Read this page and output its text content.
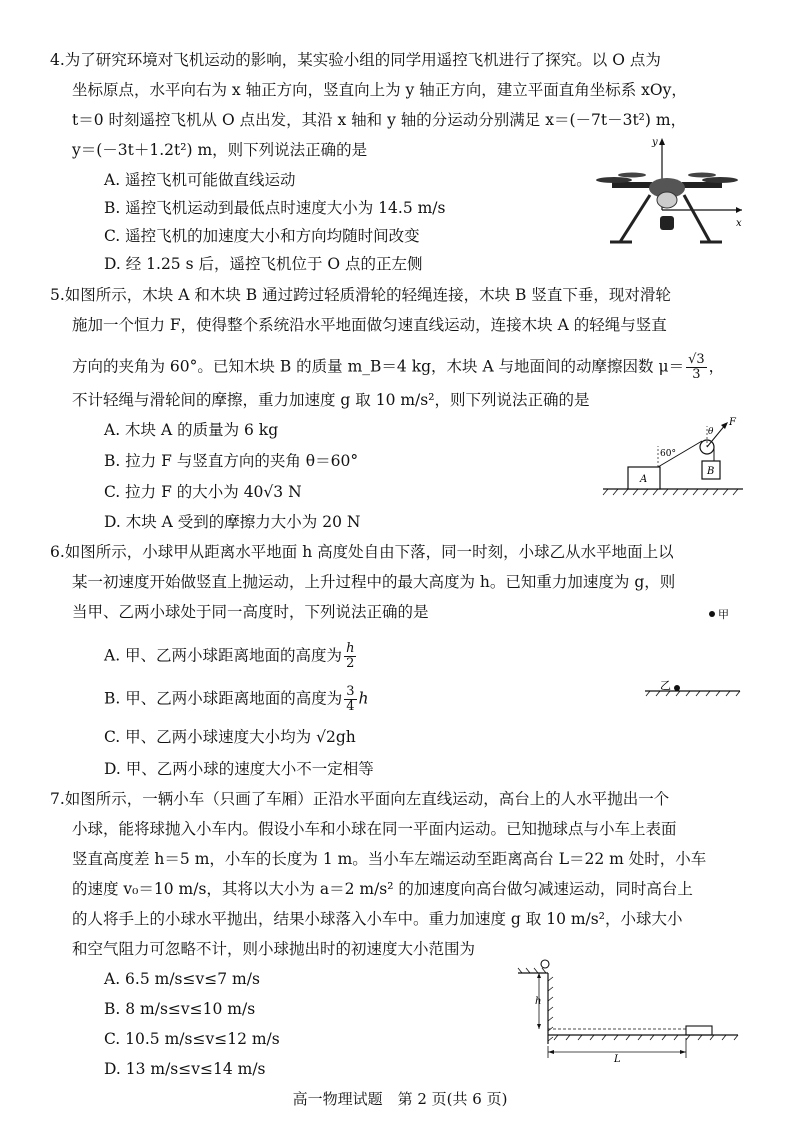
4.为了研究环境对飞机运动的影响，某实验小组的同学用遥控飞机进行了探究。以 O 点为
坐标原点，水平向右为 x 轴正方向，竖直向上为 y 轴正方向，建立平面直角坐标系 xOy，
t＝0 时刻遥控飞机从 O 点出发，其沿 x 轴和 y 轴的分运动分别满足 x＝(－7t－3t²) m，
y＝(－3t＋1.2t²) m，则下列说法正确的是
A. 遥控飞机可能做直线运动
B. 遥控飞机运动到最低点时速度大小为 14.5 m/s
C. 遥控飞机的加速度大小和方向均随时间改变
D. 经 1.25 s 后，遥控飞机位于 O 点的正左侧
x
y
5.如图所示，木块 A 和木块 B 通过跨过轻质滑轮的轻绳连接，木块 B 竖直下垂，现对滑轮
施加一个恒力 F，使得整个系统沿水平地面做匀速直线运动，连接木块 A 的轻绳与竖直
方向的夹角为 60°。已知木块 B 的质量 m_B＝4 kg，木块 A 与地面间的动摩擦因数 $\mu= \frac{√3}{3}$ ，
不计轻绳与滑轮间的摩擦，重力加速度 g 取 10 m/s²，则下列说法正确的是
A. 木块 A 的质量为 6 kg
B. 拉力 F 与竖直方向的夹角 θ＝60°
C. 拉力 F 的大小为 40√3 N
D. 木块 A 受到的摩擦力大小为 20 N
A
60°
B
θ
F
6.如图所示，小球甲从距离水平地面 h 高度处自由下落，同一时刻，小球乙从水平地面上以
某一初速度开始做竖直上抛运动，上升过程中的最大高度为 h。已知重力加速度为 g，则
当甲、乙两小球处于同一高度时，下列说法正确的是
A. 甲、乙两小球距离地面的高度为 $\frac{h}{2}$
B. 甲、乙两小球距离地面的高度为 $\frac{3}{4}$ h
C. 甲、乙两小球速度大小均为 √2gh
D. 甲、乙两小球的速度大小不一定相等
甲
乙
7.如图所示，一辆小车（只画了车厢）正沿水平面向左直线运动，高台上的人水平抛出一个
小球，能将球抛入小车内。假设小车和小球在同一平面内运动。已知抛球点与小车上表面
竖直高度差 h＝5 m，小车的长度为 1 m。当小车左端运动至距离高台 L＝22 m 处时，小车
的速度 v₀＝10 m/s，其将以大小为 a＝2 m/s² 的加速度向高台做匀减速运动，同时高台上
的人将手上的小球水平抛出，结果小球落入小车中。重力加速度 g 取 10 m/s²，小球大小
和空气阻力可忽略不计，则小球抛出时的初速度大小范围为
A. 6.5 m/s≤v≤7 m/s
B. 8 m/s≤v≤10 m/s
C. 10.5 m/s≤v≤12 m/s
D. 13 m/s≤v≤14 m/s
h
L
高一物理试题　第 2 页(共 6 页)
